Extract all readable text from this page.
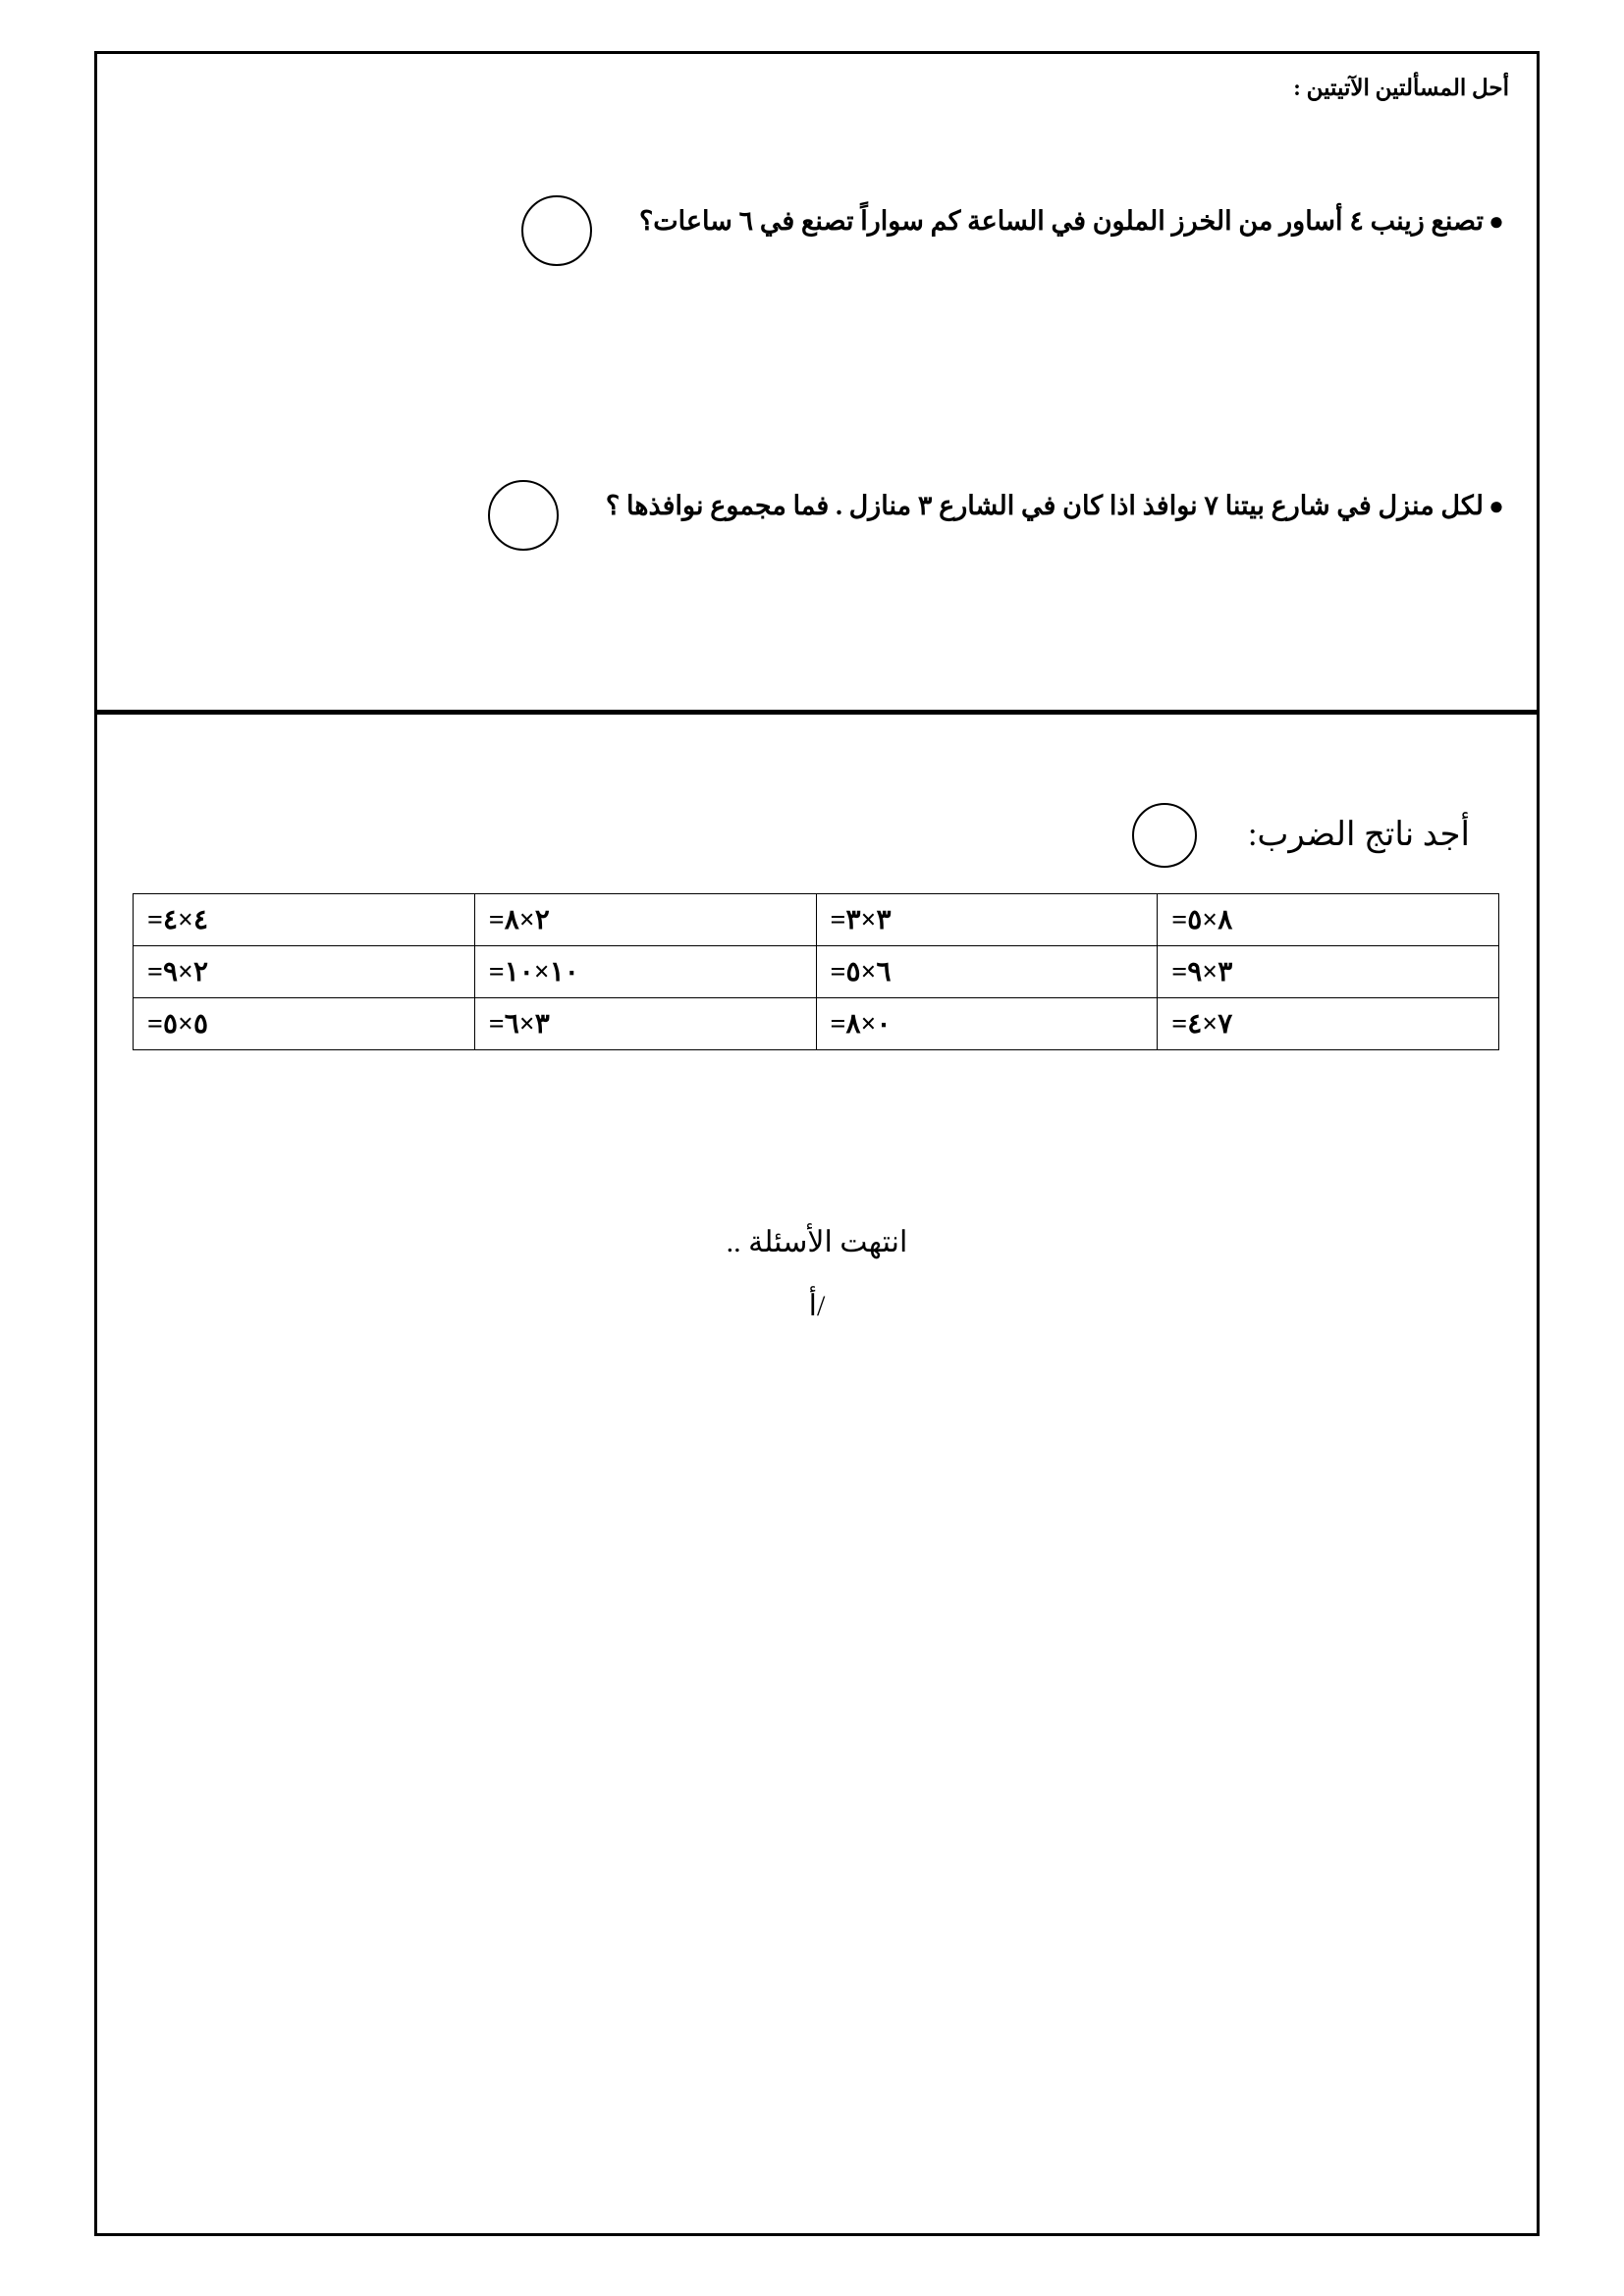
أحل المسألتين الآتيتين :
●
تصنع زينب ٤ أساور من الخرز الملون في الساعة كم سواراً تصنع في ٦ ساعات؟
●
لكل منزل في شارع بيتنا ٧ نوافذ اذا كان في الشارع ٣ منازل . فما مجموع نوافذها ؟
أجد ناتج الضرب:
=٨×٥	=٣×٣	=٢×٨	=٤×٤

=٣×٩	=٦×٥	=١٠×١٠	=٢×٩

=٧×٤	=٠×٨	=٣×٦	=٥×٥
انتهت الأسئلة ..
/أ
